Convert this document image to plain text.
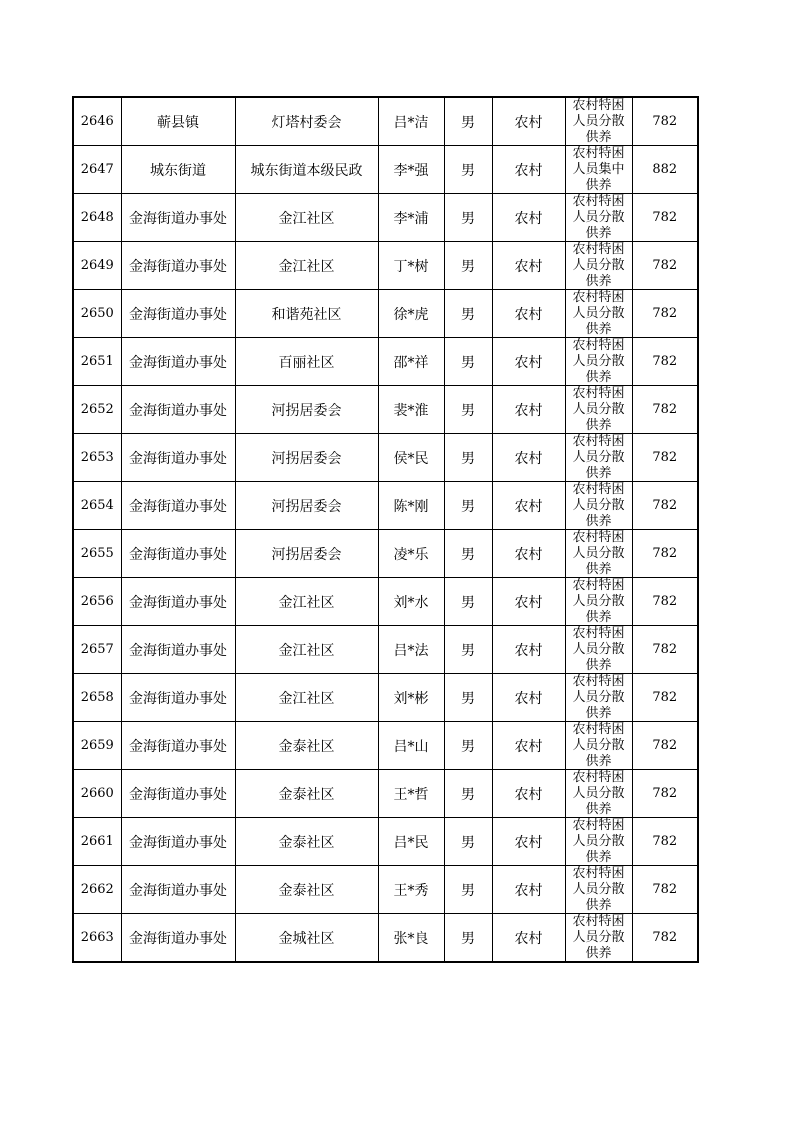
2646	蕲县镇	灯塔村委会	吕*洁	男	农村	农村特困人员分散供养	782
2647	城东街道	城东街道本级民政	李*强	男	农村	农村特困人员集中供养	882
2648	金海街道办事处	金江社区	李*浦	男	农村	农村特困人员分散供养	782
2649	金海街道办事处	金江社区	丁*树	男	农村	农村特困人员分散供养	782
2650	金海街道办事处	和谐苑社区	徐*虎	男	农村	农村特困人员分散供养	782
2651	金海街道办事处	百丽社区	邵*祥	男	农村	农村特困人员分散供养	782
2652	金海街道办事处	河拐居委会	裴*淮	男	农村	农村特困人员分散供养	782
2653	金海街道办事处	河拐居委会	侯*民	男	农村	农村特困人员分散供养	782
2654	金海街道办事处	河拐居委会	陈*刚	男	农村	农村特困人员分散供养	782
2655	金海街道办事处	河拐居委会	凌*乐	男	农村	农村特困人员分散供养	782
2656	金海街道办事处	金江社区	刘*水	男	农村	农村特困人员分散供养	782
2657	金海街道办事处	金江社区	吕*法	男	农村	农村特困人员分散供养	782
2658	金海街道办事处	金江社区	刘*彬	男	农村	农村特困人员分散供养	782
2659	金海街道办事处	金泰社区	吕*山	男	农村	农村特困人员分散供养	782
2660	金海街道办事处	金泰社区	王*哲	男	农村	农村特困人员分散供养	782
2661	金海街道办事处	金泰社区	吕*民	男	农村	农村特困人员分散供养	782
2662	金海街道办事处	金泰社区	王*秀	男	农村	农村特困人员分散供养	782
2663	金海街道办事处	金城社区	张*良	男	农村	农村特困人员分散供养	782
